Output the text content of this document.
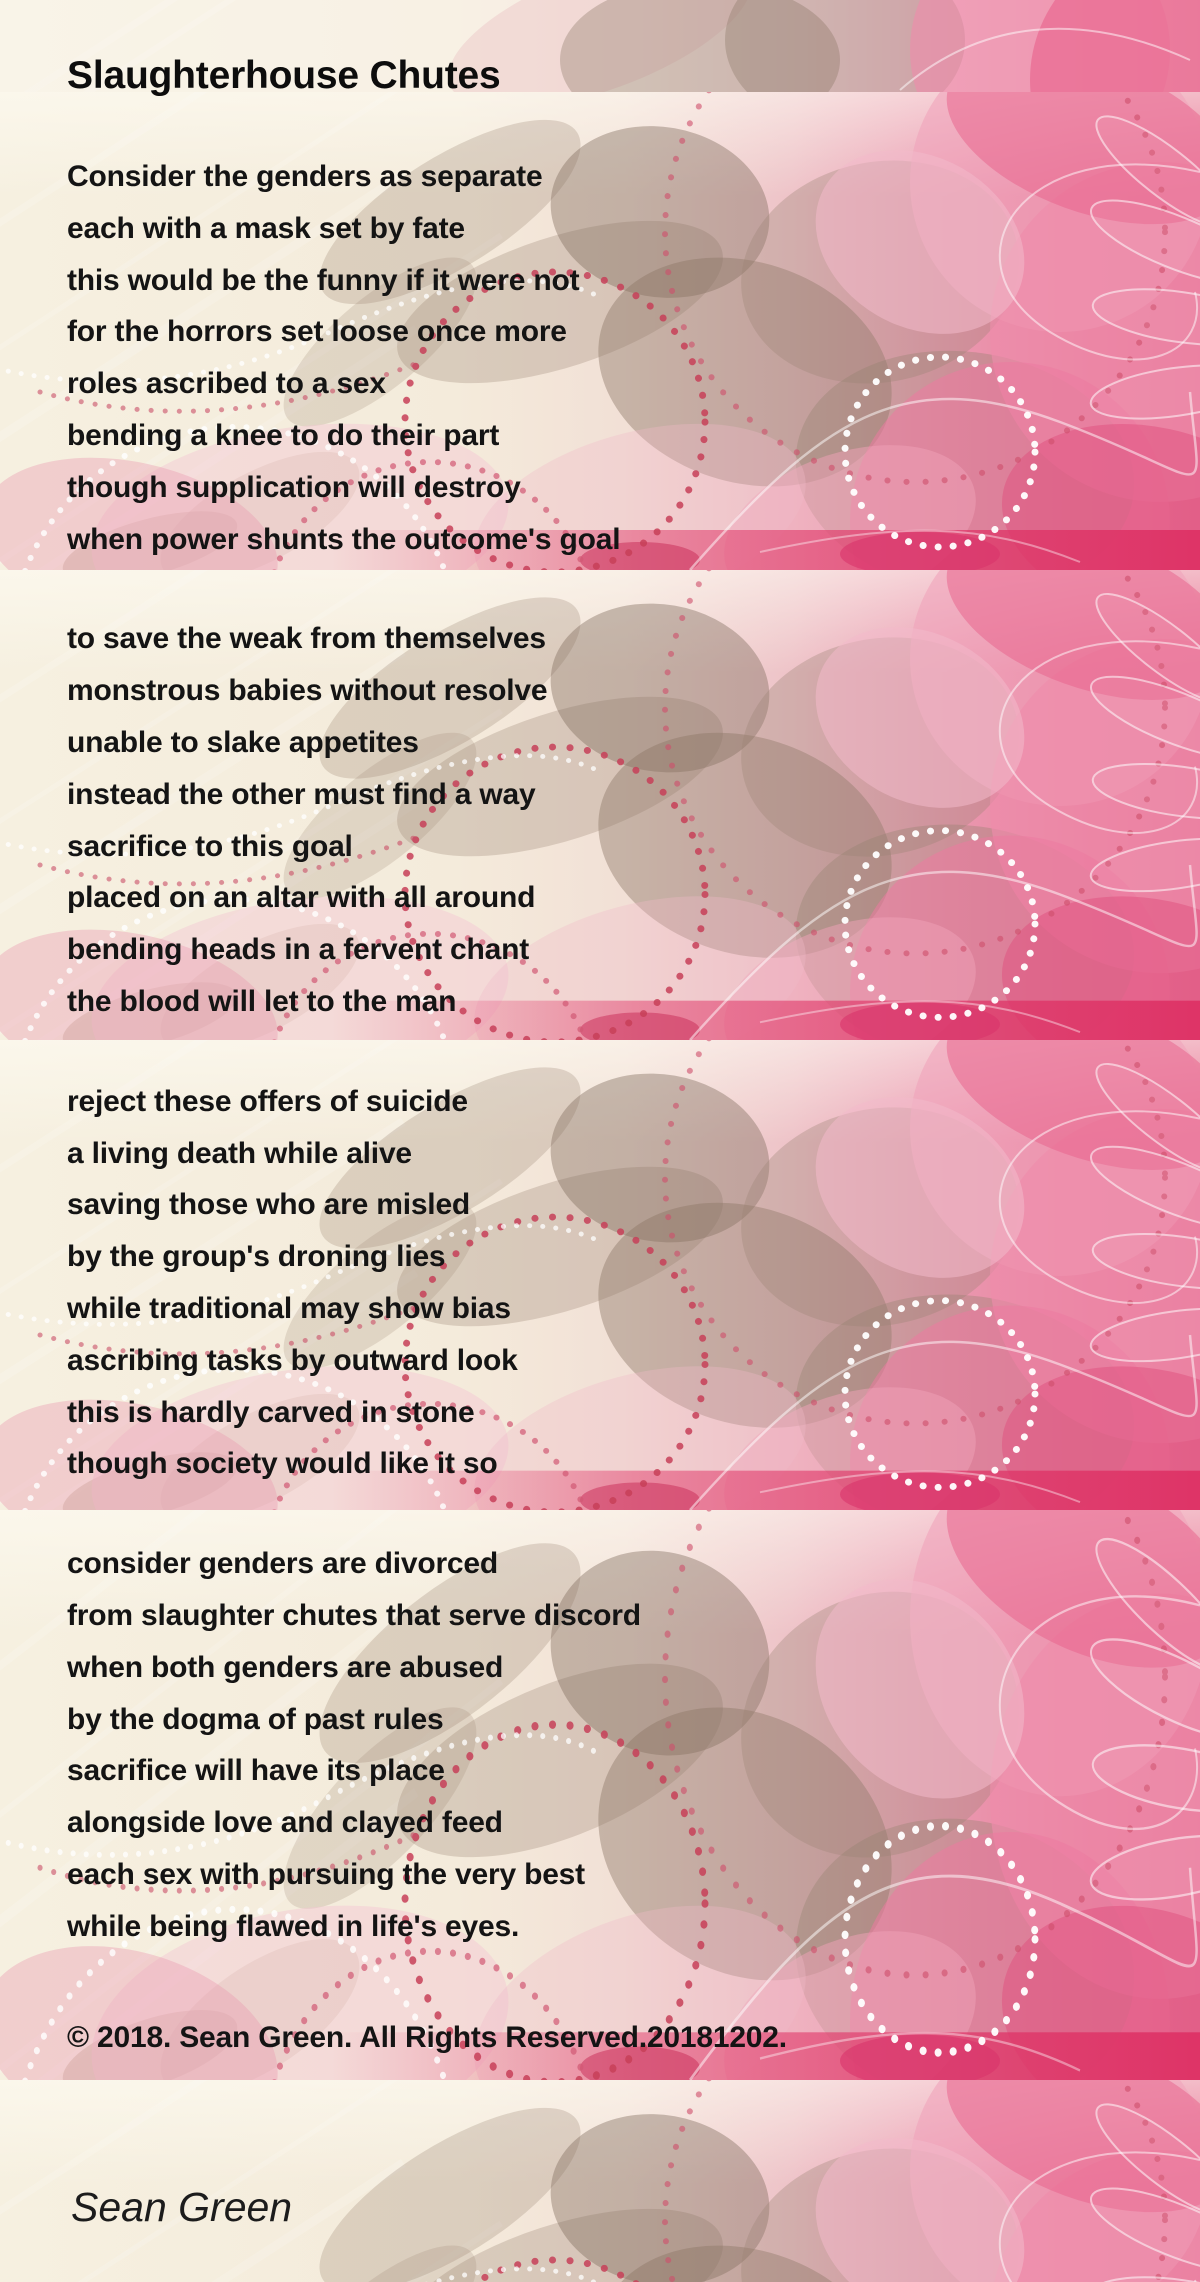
Slaughterhouse Chutes
Consider the genders as separate
each with a mask set by fate
this would be the funny if it were not
for the horrors set loose once more
roles ascribed to a sex
bending a knee to do their part
though supplication will destroy
when power shunts the outcome's goal
to save the weak from themselves
monstrous babies without resolve
unable to slake appetites
instead the other must find a way
sacrifice to this goal
placed on an altar with all around
bending heads in a fervent chant
the blood will let to the man
reject these offers of suicide
a living death while alive
saving those who are misled
by the group's droning lies
while traditional may show bias
ascribing tasks by outward look
this is hardly carved in stone
though society would like it so
consider genders are divorced
from slaughter chutes that serve discord
when both genders are abused
by the dogma of past rules
sacrifice will have its place
alongside love and clayed feed
each sex with pursuing the very best
while being flawed in life's eyes.
© 2018. Sean Green. All Rights Reserved.20181202.
Sean Green
